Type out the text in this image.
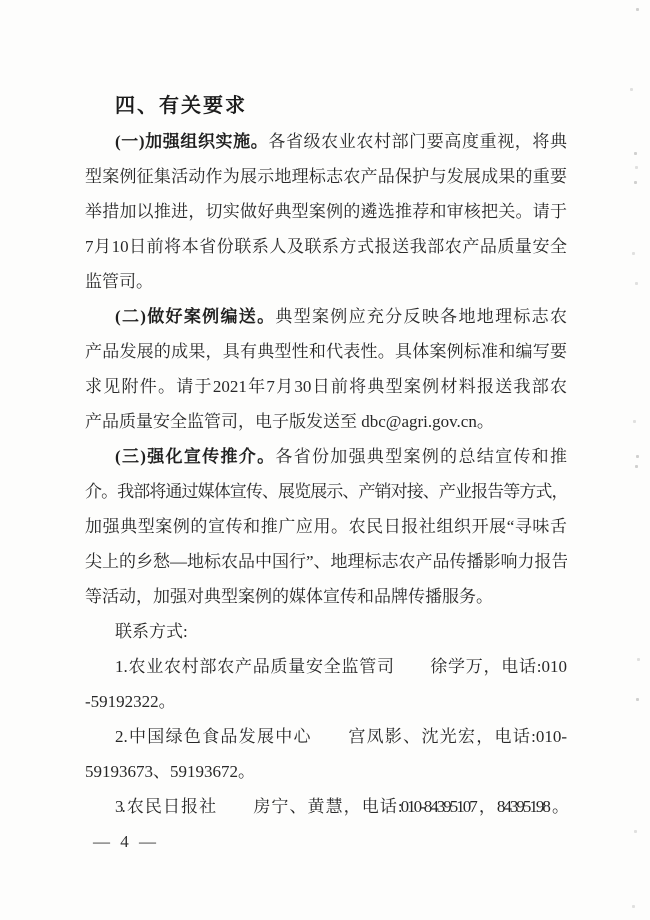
四、有关要求
(一)加强组织实施。各省级农业农村部门要高度重视，将典
型案例征集活动作为展示地理标志农产品保护与发展成果的重要
举措加以推进，切实做好典型案例的遴选推荐和审核把关。请于
7月10日前将本省份联系人及联系方式报送我部农产品质量安全
监管司。
(二)做好案例编送。典型案例应充分反映各地地理标志农
产品发展的成果，具有典型性和代表性。具体案例标准和编写要
求见附件。请于2021年7月30日前将典型案例材料报送我部农
产品质量安全监管司，电子版发送至 dbc@agri.gov.cn。
(三)强化宣传推介。各省份加强典型案例的总结宣传和推
介。我部将通过媒体宣传、展览展示、产销对接、产业报告等方式，
加强典型案例的宣传和推广应用。农民日报社组织开展“寻味舌
尖上的乡愁—地标农品中国行”、地理标志农产品传播影响力报告
等活动，加强对典型案例的媒体宣传和品牌传播服务。
联系方式:
1.农业农村部农产品质量安全监管司　　徐学万，电话:010
-59192322。
2.中国绿色食品发展中心　　宫凤影、沈光宏，电话:010-
59193673、59193672。
3.农民日报社　　房宁、黄慧，电话:010-84395107，84395198。
— 4 —
